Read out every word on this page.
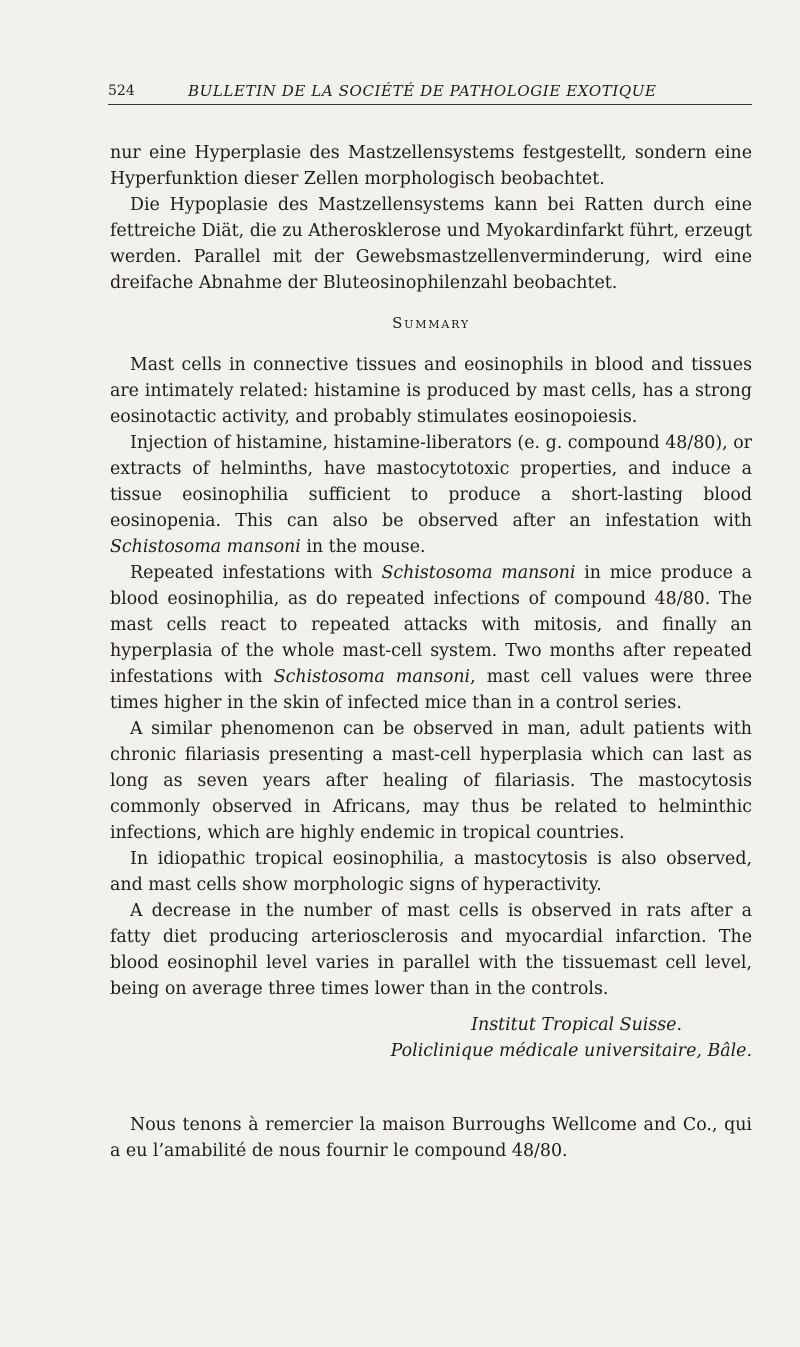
524	BULLETIN DE LA SOCIÉTÉ DE PATHOLOGIE EXOTIQUE

nur eine Hyperplasie des Mastzellensystems festgestellt, sondern eine Hyperfunktion dieser Zellen morphologisch beobachtet.

Die Hypoplasie des Mastzellensystems kann bei Ratten durch eine fettreiche Diät, die zu Atherosklerose und Myokardinfarkt führt, erzeugt werden. Parallel mit der Gewebsmastzellenverminderung, wird eine dreifache Abnahme der Bluteosinophilenzahl beobachtet.

Summary

Mast cells in connective tissues and eosinophils in blood and tissues are intimately related: histamine is produced by mast cells, has a strong eosinotactic activity, and probably stimulates eosinopoiesis.

Injection of histamine, histamine-liberators (e. g. compound 48/80), or extracts of helminths, have mastocytotoxic properties, and induce a tissue eosinophilia sufficient to produce a short-lasting blood eosinopenia. This can also be observed after an infestation with Schistosoma mansoni in the mouse.

Repeated infestations with Schistosoma mansoni in mice produce a blood eosinophilia, as do repeated infections of compound 48/80. The mast cells react to repeated attacks with mitosis, and finally an hyperplasia of the whole mast-cell system. Two months after repeated infestations with Schistosoma mansoni, mast cell values were three times higher in the skin of infected mice than in a control series.

A similar phenomenon can be observed in man, adult patients with chronic filariasis presenting a mast-cell hyperplasia which can last as long as seven years after healing of filariasis. The mastocytosis commonly observed in Africans, may thus be related to helminthic infections, which are highly endemic in tropical countries.

In idiopathic tropical eosinophilia, a mastocytosis is also observed, and mast cells show morphologic signs of hyperactivity.

A decrease in the number of mast cells is observed in rats after a fatty diet producing arteriosclerosis and myocardial infarction. The blood eosinophil level varies in parallel with the tissuemast cell level, being on average three times lower than in the controls.

Institut Tropical Suisse.

Policlinique médicale universitaire, Bâle.

Nous tenons à remercier la maison Burroughs Wellcome and Co., qui a eu l’amabilité de nous fournir le compound 48/80.
